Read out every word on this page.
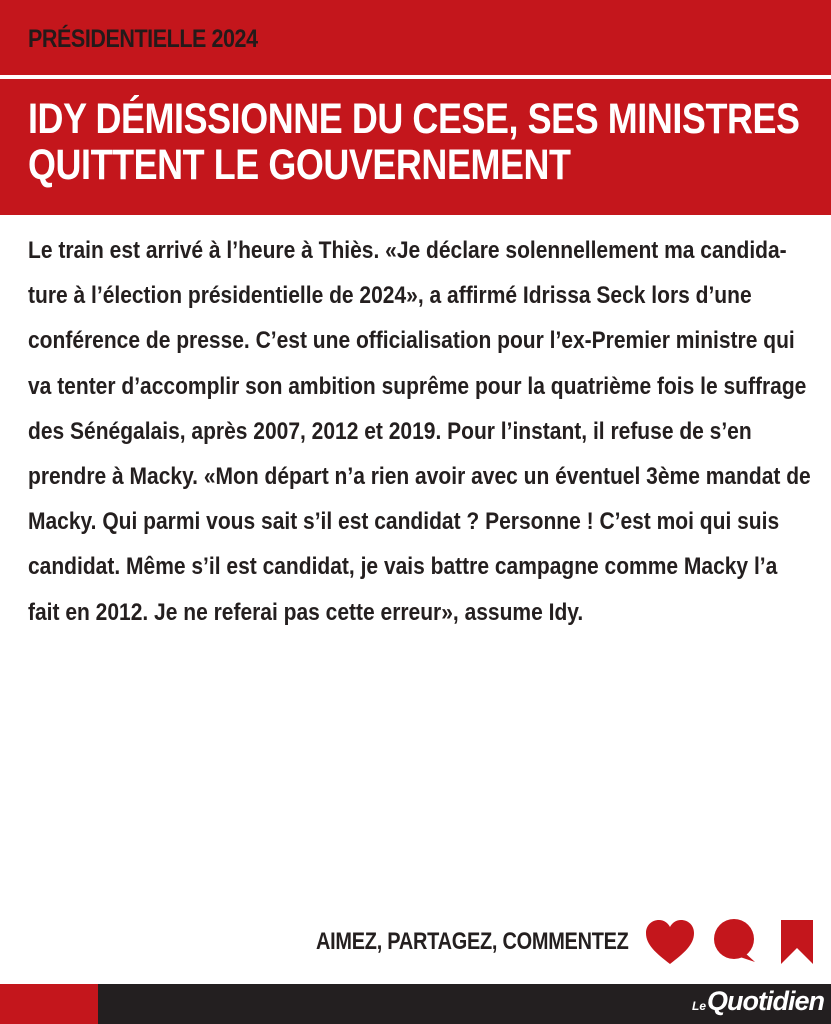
PRÉSIDENTIELLE 2024
IDY DÉMISSIONNE DU CESE, SES MINISTRES
QUITTENT LE GOUVERNEMENT
Le train est arrivé à l’heure à Thiès. «Je déclare solennellement ma candida-
ture à l’élection présidentielle de 2024», a affirmé Idrissa Seck lors d’une
conférence de presse. C’est une officialisation pour l’ex-Premier ministre qui
va tenter d’accomplir son ambition suprême pour la quatrième fois le suffrage
des Sénégalais, après 2007, 2012 et 2019. Pour l’instant, il refuse de s’en
prendre à Macky. «Mon départ n’a rien avoir avec un éventuel 3ème mandat de
Macky. Qui parmi vous sait s’il est candidat ? Personne ! C’est moi qui suis
candidat. Même s’il est candidat, je vais battre campagne comme Macky l’a
fait en 2012. Je ne referai pas cette erreur», assume Idy.
AIMEZ, PARTAGEZ, COMMENTEZ
LeQuotidien
